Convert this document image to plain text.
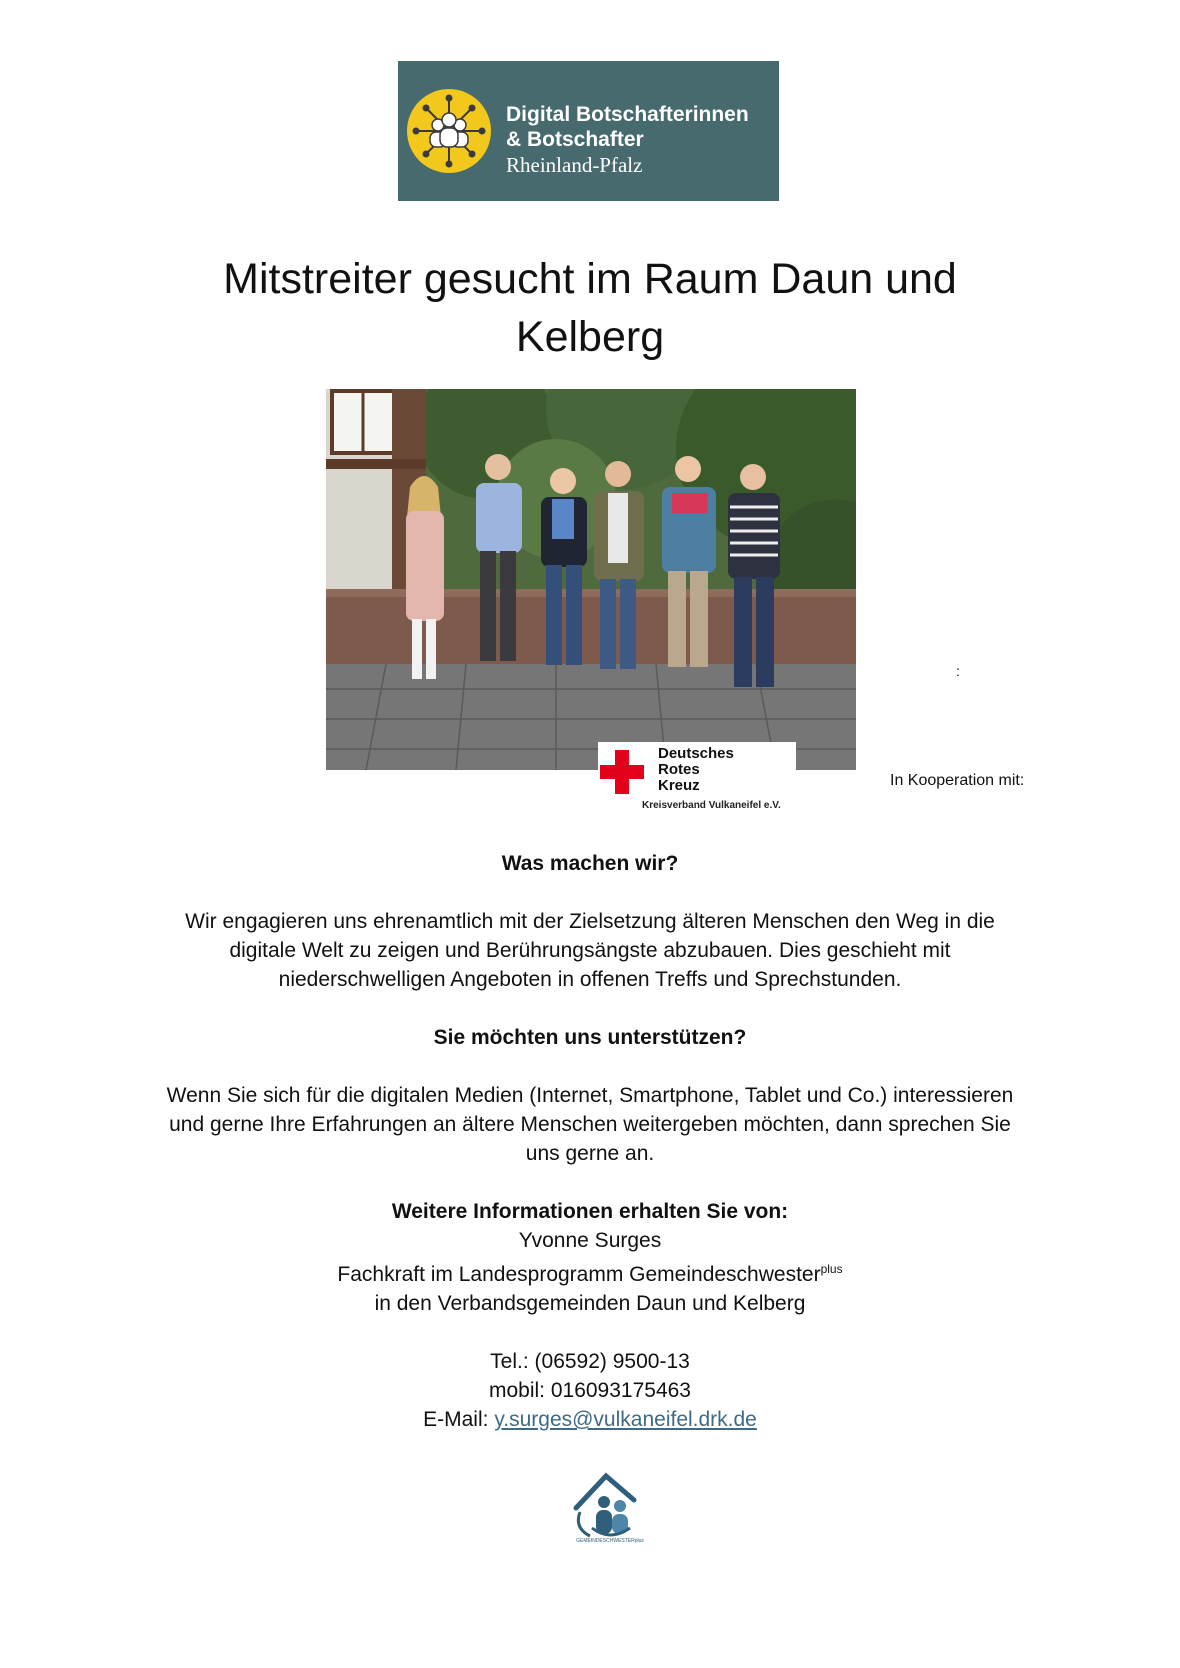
Digital Botschafterinnen
& Botschafter
Rheinland-Pfalz
Mitstreiter gesucht im Raum Daun und
Kelberg
:
Deutsches
Rotes
Kreuz
Kreisverband Vulkaneifel e.V.
In Kooperation mit:
Was machen wir?
Wir engagieren uns ehrenamtlich mit der Zielsetzung älteren Menschen den Weg in die
digitale Welt zu zeigen und Berührungsängste abzubauen. Dies geschieht mit
niederschwelligen Angeboten in offenen Treffs und Sprechstunden.
Sie möchten uns unterstützen?
Wenn Sie sich für die digitalen Medien (Internet, Smartphone, Tablet und Co.) interessieren
und gerne Ihre Erfahrungen an ältere Menschen weitergeben möchten, dann sprechen Sie
uns gerne an.
Weitere Informationen erhalten Sie von:
Yvonne Surges
Fachkraft im Landesprogramm Gemeindeschwester$^{plus}$
in den Verbandsgemeinden Daun und Kelberg
Tel.: (06592) 9500-13
mobil: 016093175463
E-Mail: y.surges@vulkaneifel.drk.de
GEMEINDESCHWESTERplus
